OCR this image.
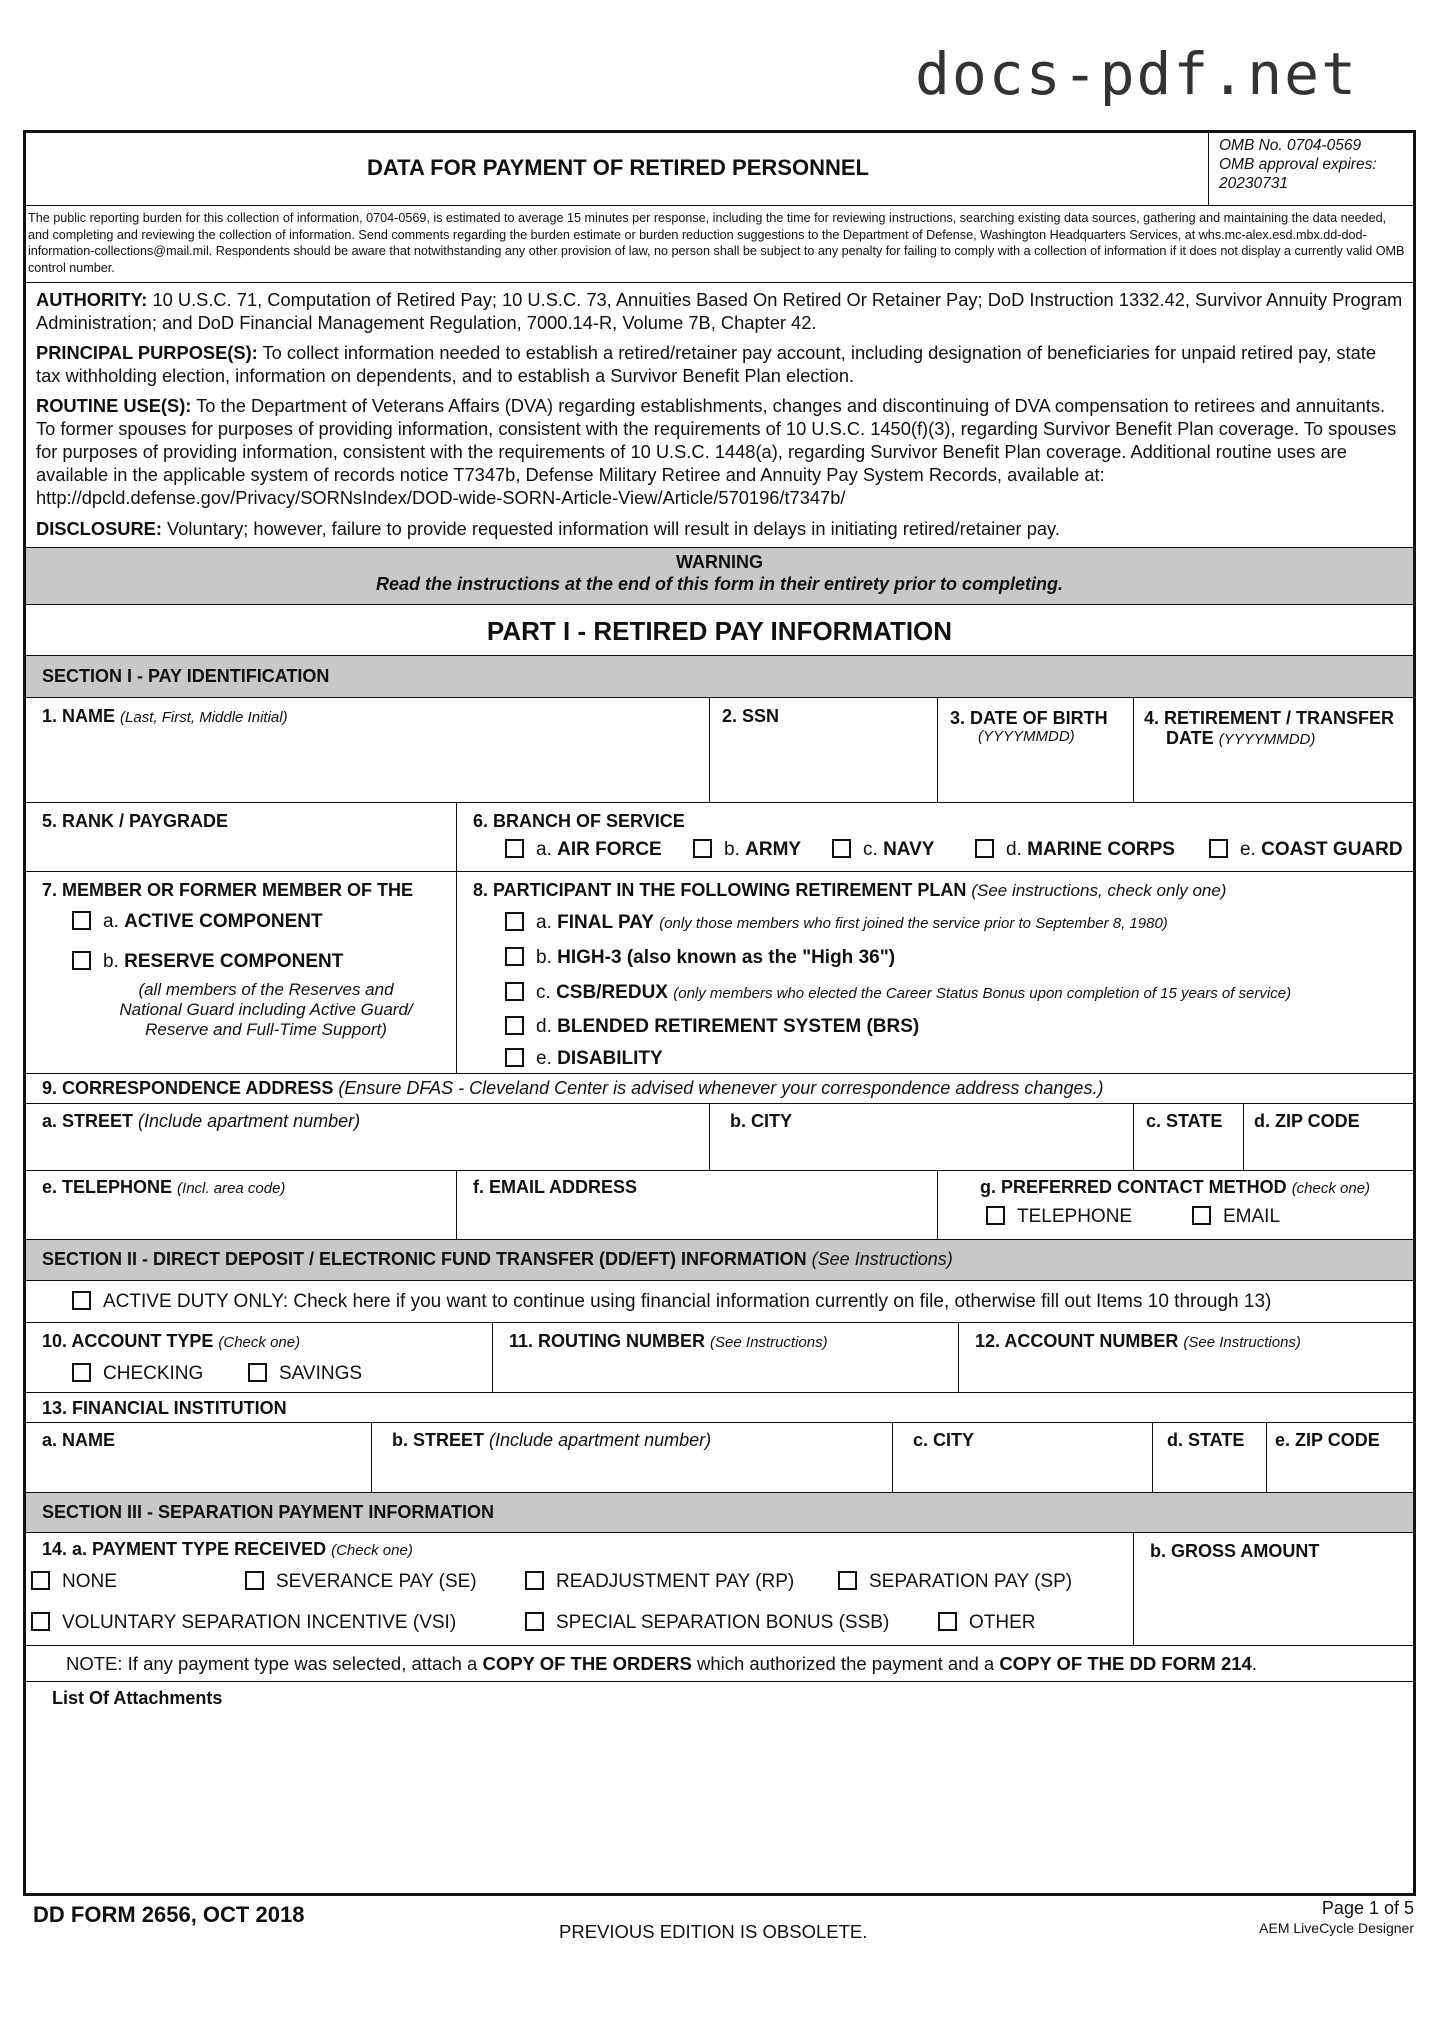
docs-pdf.net
DATA FOR PAYMENT OF RETIRED PERSONNEL
OMB No. 0704-0569
OMB approval expires:
20230731
The public reporting burden for this collection of information, 0704-0569, is estimated to average 15 minutes per response, including the time for reviewing instructions, searching existing data sources, gathering and maintaining the data needed, and completing and reviewing the collection of information. Send comments regarding the burden estimate or burden reduction suggestions to the Department of Defense, Washington Headquarters Services, at whs.mc-alex.esd.mbx.dd-dod-information-collections@mail.mil. Respondents should be aware that notwithstanding any other provision of law, no person shall be subject to any penalty for failing to comply with a collection of information if it does not display a currently valid OMB control number.
AUTHORITY: 10 U.S.C. 71, Computation of Retired Pay; 10 U.S.C. 73, Annuities Based On Retired Or Retainer Pay; DoD Instruction 1332.42, Survivor Annuity Program Administration; and DoD Financial Management Regulation, 7000.14-R, Volume 7B, Chapter 42.
PRINCIPAL PURPOSE(S): To collect information needed to establish a retired/retainer pay account, including designation of beneficiaries for unpaid retired pay, state tax withholding election, information on dependents, and to establish a Survivor Benefit Plan election.
ROUTINE USE(S): To the Department of Veterans Affairs (DVA) regarding establishments, changes and discontinuing of DVA compensation to retirees and annuitants. To former spouses for purposes of providing information, consistent with the requirements of 10 U.S.C. 1450(f)(3), regarding Survivor Benefit Plan coverage. To spouses for purposes of providing information, consistent with the requirements of 10 U.S.C. 1448(a), regarding Survivor Benefit Plan coverage. Additional routine uses are available in the applicable system of records notice T7347b, Defense Military Retiree and Annuity Pay System Records, available at: http://dpcld.defense.gov/Privacy/SORNsIndex/DOD-wide-SORN-Article-View/Article/570196/t7347b/
DISCLOSURE: Voluntary; however, failure to provide requested information will result in delays in initiating retired/retainer pay.
WARNING
Read the instructions at the end of this form in their entirety prior to completing.
PART I - RETIRED PAY INFORMATION
SECTION I - PAY IDENTIFICATION
1. NAME (Last, First, Middle Initial)	2. SSN	3. DATE OF BIRTH
(YYYYMMDD)
4. RETIREMENT / TRANSFER
DATE (YYYYMMDD)
5. RANK / PAYGRADE	6. BRANCH OF SERVICE
a. AIR FORCE	b. ARMY	c. NAVY	d. MARINE CORPS	e. COAST GUARD
7. MEMBER OR FORMER MEMBER OF THE
a. ACTIVE COMPONENT
b. RESERVE COMPONENT
(all members of the Reserves and National Guard including Active Guard/ Reserve and Full-Time Support)
8. PARTICIPANT IN THE FOLLOWING RETIREMENT PLAN (See instructions, check only one)
a. FINAL PAY (only those members who first joined the service prior to September 8, 1980)
b. HIGH-3 (also known as the "High 36")
c. CSB/REDUX (only members who elected the Career Status Bonus upon completion of 15 years of service)
d. BLENDED RETIREMENT SYSTEM (BRS)
e. DISABILITY
9. CORRESPONDENCE ADDRESS (Ensure DFAS - Cleveland Center is advised whenever your correspondence address changes.)
a. STREET (Include apartment number)	b. CITY	c. STATE d. ZIP CODE
e. TELEPHONE (Incl. area code)	f. EMAIL ADDRESS	g. PREFERRED CONTACT METHOD (check one)
TELEPHONE	EMAIL
SECTION II - DIRECT DEPOSIT / ELECTRONIC FUND TRANSFER (DD/EFT) INFORMATION (See Instructions)
ACTIVE DUTY ONLY: Check here if you want to continue using financial information currently on file, otherwise fill out Items 10 through 13)
10. ACCOUNT TYPE (Check one)
CHECKING	SAVINGS
11. ROUTING NUMBER (See Instructions)	12. ACCOUNT NUMBER (See Instructions)
13. FINANCIAL INSTITUTION
a. NAME	b. STREET (Include apartment number)	c. CITY	d. STATE e. ZIP CODE
SECTION III - SEPARATION PAYMENT INFORMATION
14. a. PAYMENT TYPE RECEIVED (Check one)
NONE	SEVERANCE PAY (SE)	READJUSTMENT PAY (RP)	SEPARATION PAY (SP)
VOLUNTARY SEPARATION INCENTIVE (VSI)	SPECIAL SEPARATION BONUS (SSB)	OTHER
b. GROSS AMOUNT
NOTE: If any payment type was selected, attach a COPY OF THE ORDERS which authorized the payment and a COPY OF THE DD FORM 214.
List Of Attachments
DD FORM 2656, OCT 2018
PREVIOUS EDITION IS OBSOLETE.
Page 1 of 5
AEM LiveCycle Designer
